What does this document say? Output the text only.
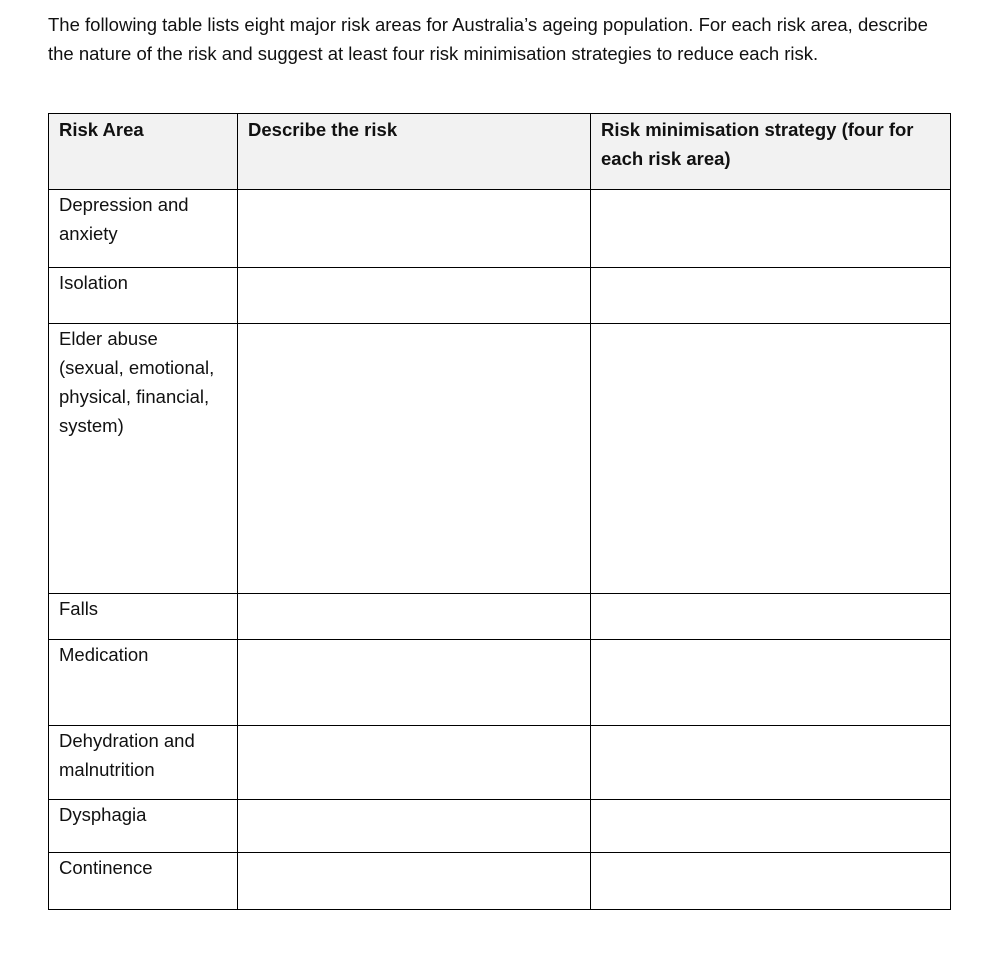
The following table lists eight major risk areas for Australia’s ageing population. For each risk area, describe the nature of the risk and suggest at least four risk minimisation strategies to reduce each risk.

Risk Area	Describe the risk	Risk minimisation strategy (four for each risk area)

Depression and anxiety		

Isolation		

Elder abuse (sexual, emotional, physical, financial, system)		

Falls		

Medication		

Dehydration and malnutrition		

Dysphagia		

Continence		
